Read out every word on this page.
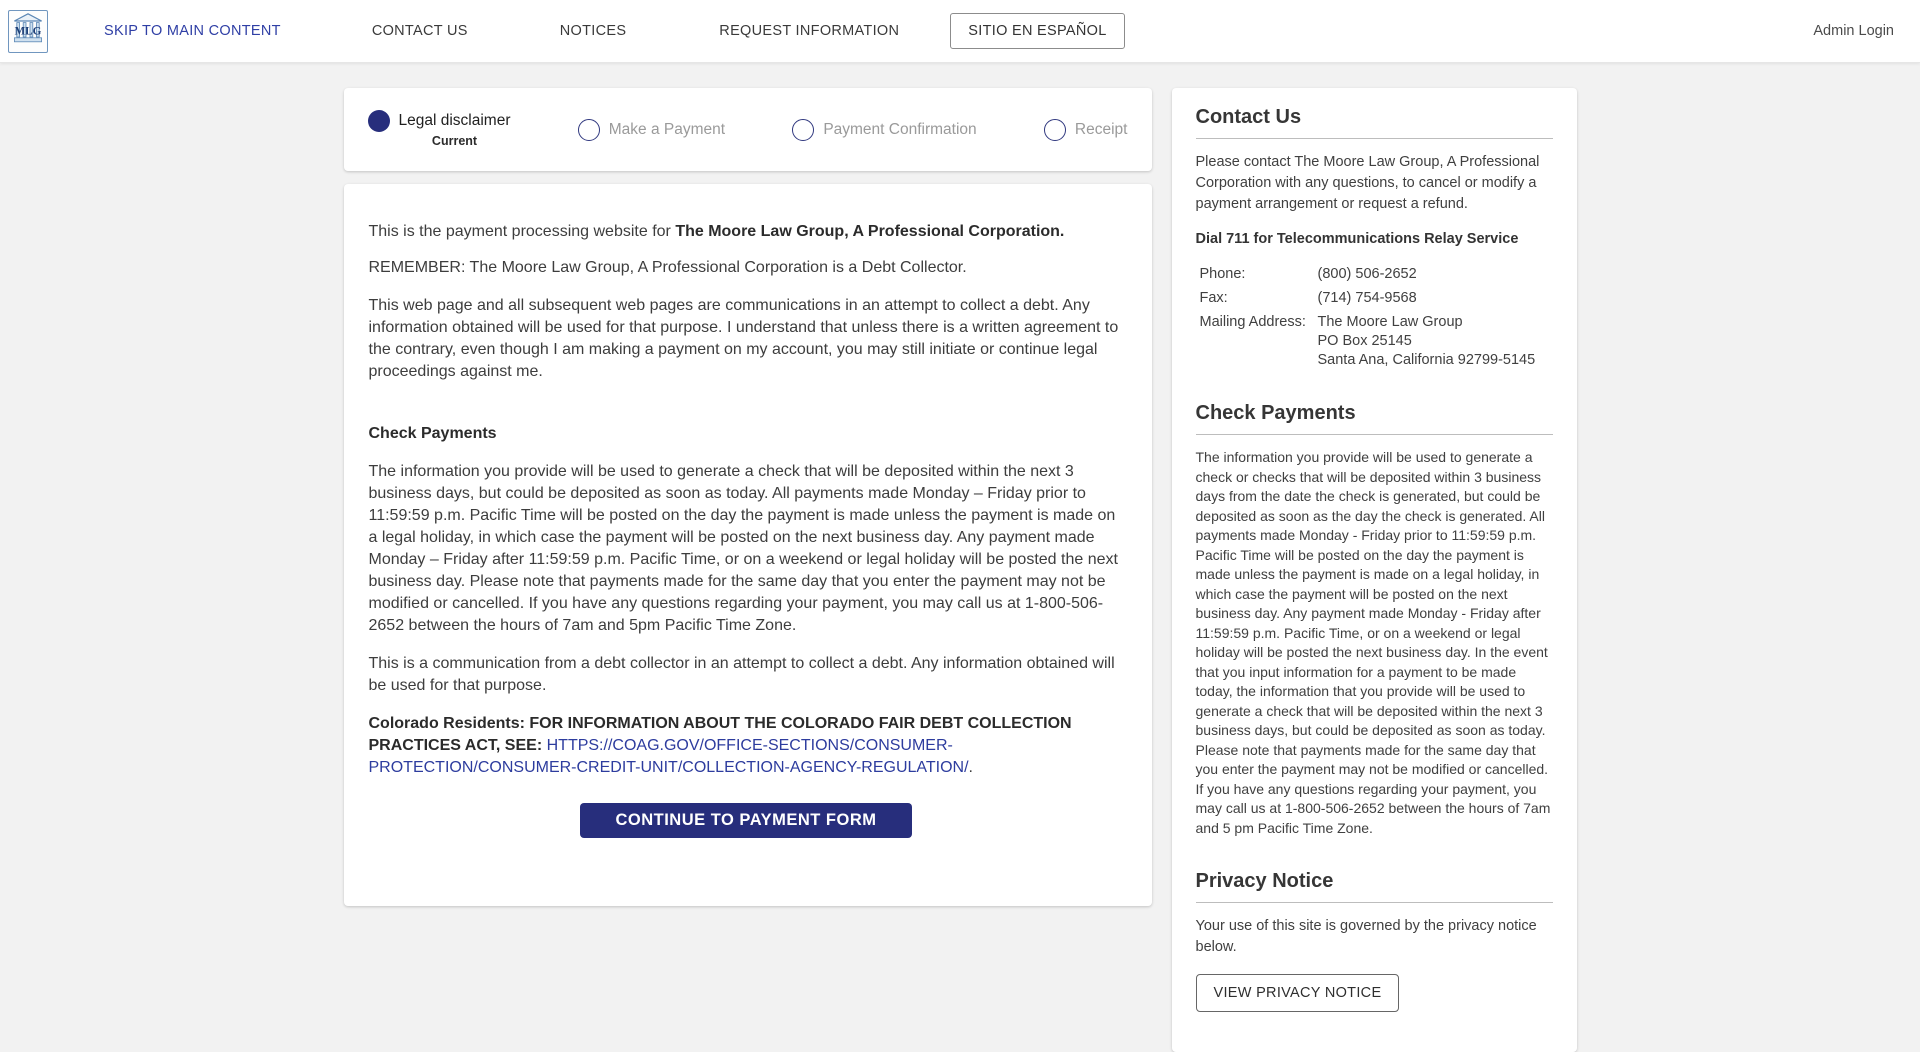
MLG	SKIP TO MAIN CONTENT	CONTACT US	NOTICES	REQUEST INFORMATION	SITIO EN ESPAÑOL	Admin Login
Legal disclaimer
Current
Make a Payment	Payment Confirmation	Receipt

This is the payment processing website for The Moore Law Group, A Professional Corporation.

REMEMBER: The Moore Law Group, A Professional Corporation is a Debt Collector.

This web page and all subsequent web pages are communications in an attempt to collect a debt. Any information obtained will be used for that purpose. I understand that unless there is a written agreement to the contrary, even though I am making a payment on my account, you may still initiate or continue legal proceedings against me.

Check Payments

The information you provide will be used to generate a check that will be deposited within the next 3 business days, but could be deposited as soon as today. All payments made Monday – Friday prior to 11:59:59 p.m. Pacific Time will be posted on the day the payment is made unless the payment is made on a legal holiday, in which case the payment will be posted on the next business day. Any payment made Monday – Friday after 11:59:59 p.m. Pacific Time, or on a weekend or legal holiday will be posted the next business day. Please note that payments made for the same day that you enter the payment may not be modified or cancelled. If you have any questions regarding your payment, you may call us at 1-800-506-2652 between the hours of 7am and 5pm Pacific Time Zone.

This is a communication from a debt collector in an attempt to collect a debt. Any information obtained will be used for that purpose.

Colorado Residents: FOR INFORMATION ABOUT THE COLORADO FAIR DEBT COLLECTION PRACTICES ACT, SEE: HTTPS://COAG.GOV/OFFICE-SECTIONS/CONSUMER-PROTECTION/CONSUMER-CREDIT-UNIT/COLLECTION-AGENCY-REGULATION/.

CONTINUE TO PAYMENT FORM
Contact Us

Please contact The Moore Law Group, A Professional Corporation with any questions, to cancel or modify a payment arrangement or request a refund.

Dial 711 for Telecommunications Relay Service

Phone:	(800) 506-2652
Fax:	(714) 754-9568
Mailing Address: The Moore Law Group
PO Box 25145
Santa Ana, California 92799-5145
Check Payments

The information you provide will be used to generate a check or checks that will be deposited within 3 business days from the date the check is generated, but could be deposited as soon as the day the check is generated. All payments made Monday - Friday prior to 11:59:59 p.m. Pacific Time will be posted on the day the payment is made unless the payment is made on a legal holiday, in which case the payment will be posted on the next business day. Any payment made Monday - Friday after 11:59:59 p.m. Pacific Time, or on a weekend or legal holiday will be posted the next business day. In the event that you input information for a payment to be made today, the information that you provide will be used to generate a check that will be deposited within the next 3 business days, but could be deposited as soon as today. Please note that payments made for the same day that you enter the payment may not be modified or cancelled. If you have any questions regarding your payment, you may call us at 1-800-506-2652 between the hours of 7am and 5 pm Pacific Time Zone.

Privacy Notice

Your use of this site is governed by the privacy notice below.

VIEW PRIVACY NOTICE
